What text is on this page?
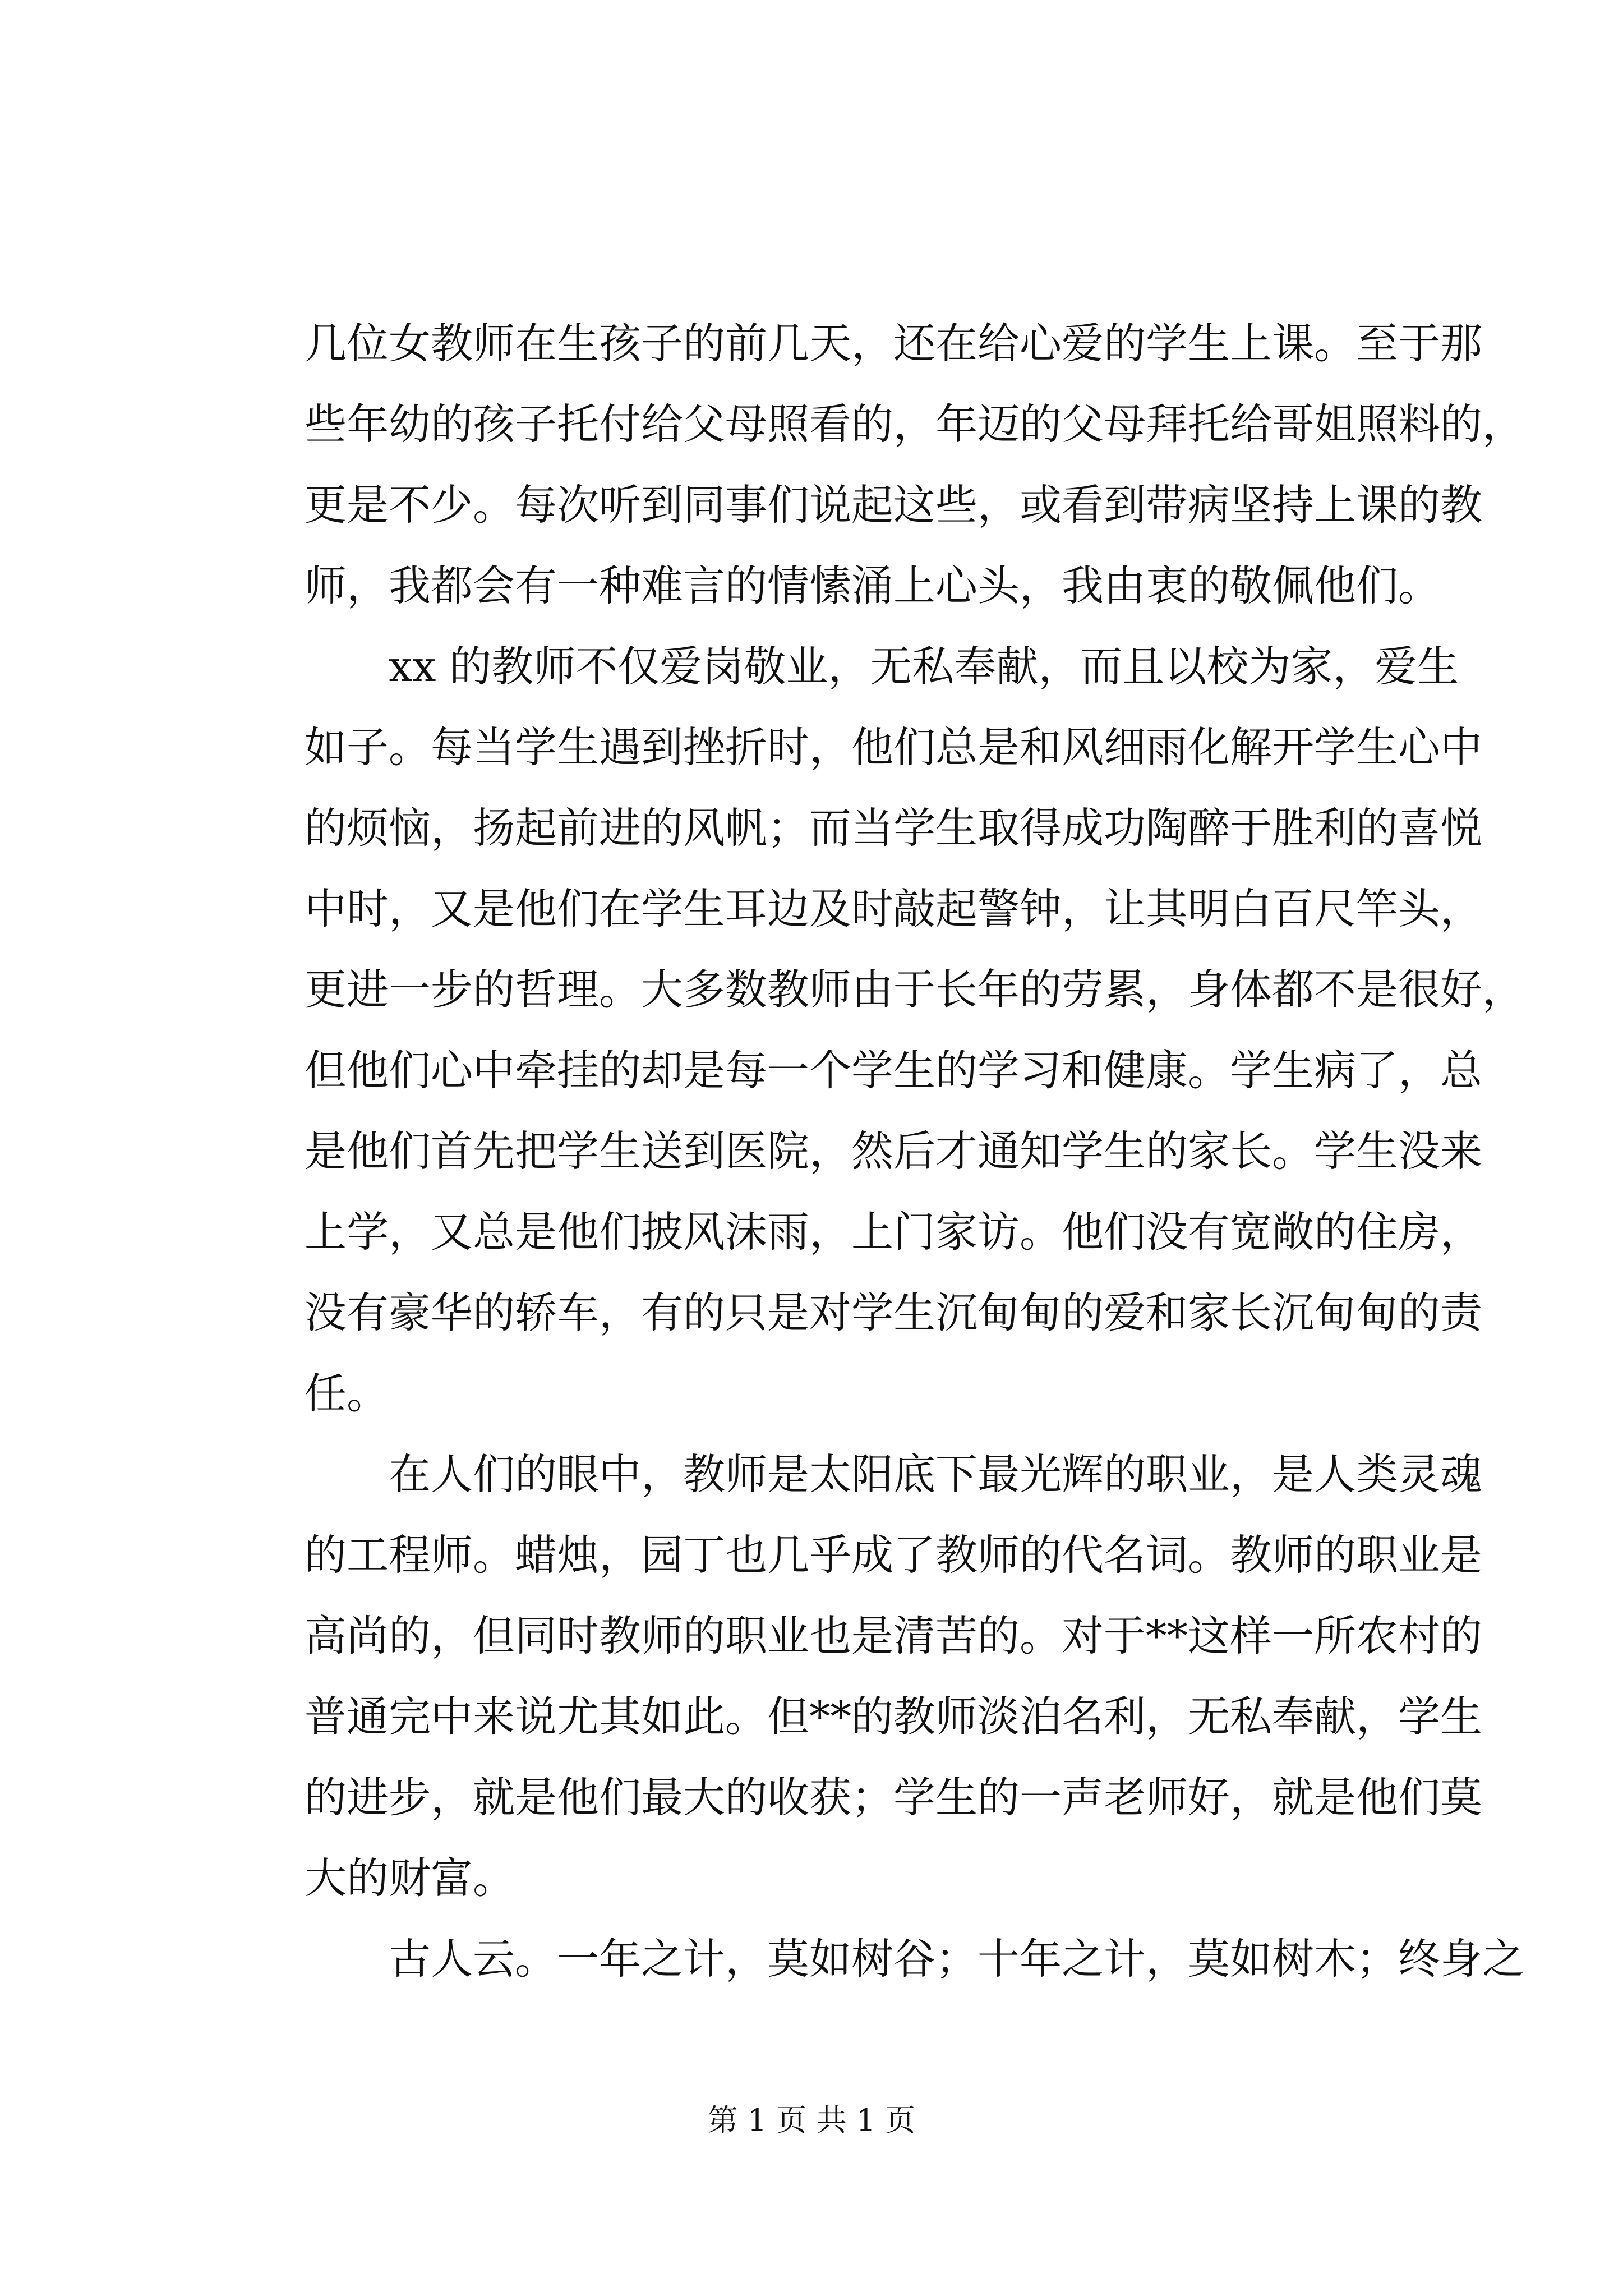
几位女教师在生孩子的前几天，还在给心爱的学生上课。至于那
些年幼的孩子托付给父母照看的，年迈的父母拜托给哥姐照料的，
更是不少。每次听到同事们说起这些，或看到带病坚持上课的教
师，我都会有一种难言的情愫涌上心头，我由衷的敬佩他们。
　　xx 的教师不仅爱岗敬业，无私奉献，而且以校为家，爱生
如子。每当学生遇到挫折时，他们总是和风细雨化解开学生心中
的烦恼，扬起前进的风帆；而当学生取得成功陶醉于胜利的喜悦
中时，又是他们在学生耳边及时敲起警钟，让其明白百尺竿头，
更进一步的哲理。大多数教师由于长年的劳累，身体都不是很好，
但他们心中牵挂的却是每一个学生的学习和健康。学生病了，总
是他们首先把学生送到医院，然后才通知学生的家长。学生没来
上学，又总是他们披风沫雨，上门家访。他们没有宽敞的住房，
没有豪华的轿车，有的只是对学生沉甸甸的爱和家长沉甸甸的责
任。
　　在人们的眼中，教师是太阳底下最光辉的职业，是人类灵魂
的工程师。蜡烛，园丁也几乎成了教师的代名词。教师的职业是
高尚的，但同时教师的职业也是清苦的。对于**这样一所农村的
普通完中来说尤其如此。但**的教师淡泊名利，无私奉献，学生
的进步，就是他们最大的收获；学生的一声老师好，就是他们莫
大的财富。
　　古人云。一年之计，莫如树谷；十年之计，莫如树木；终身之
第 1 页 共 1 页
